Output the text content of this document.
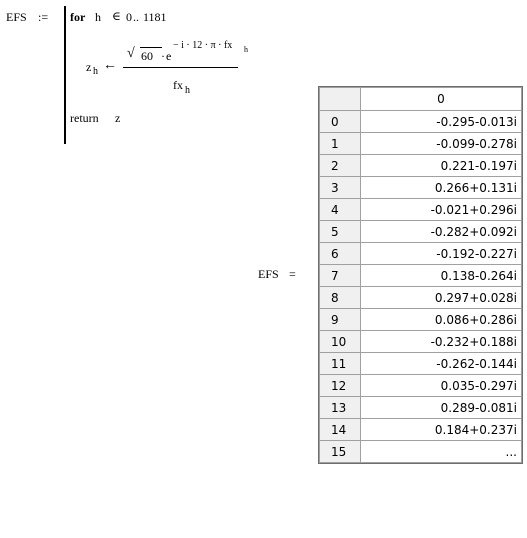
EFS := for h ∈ 0 .. 1181
z h ←
√ 60 · e
− i · 12 · π · fx h
fx h
return z
EFS =
	0
0	-0.295-0.013i
1	-0.099-0.278i
2	0.221-0.197i
3	0.266+0.131i
4	-0.021+0.296i
5	-0.282+0.092i
6	-0.192-0.227i
7	0.138-0.264i
8	0.297+0.028i
9	0.086+0.286i
10	-0.232+0.188i
11	-0.262-0.144i
12	0.035-0.297i
13	0.289-0.081i
14	0.184+0.237i
15	...
